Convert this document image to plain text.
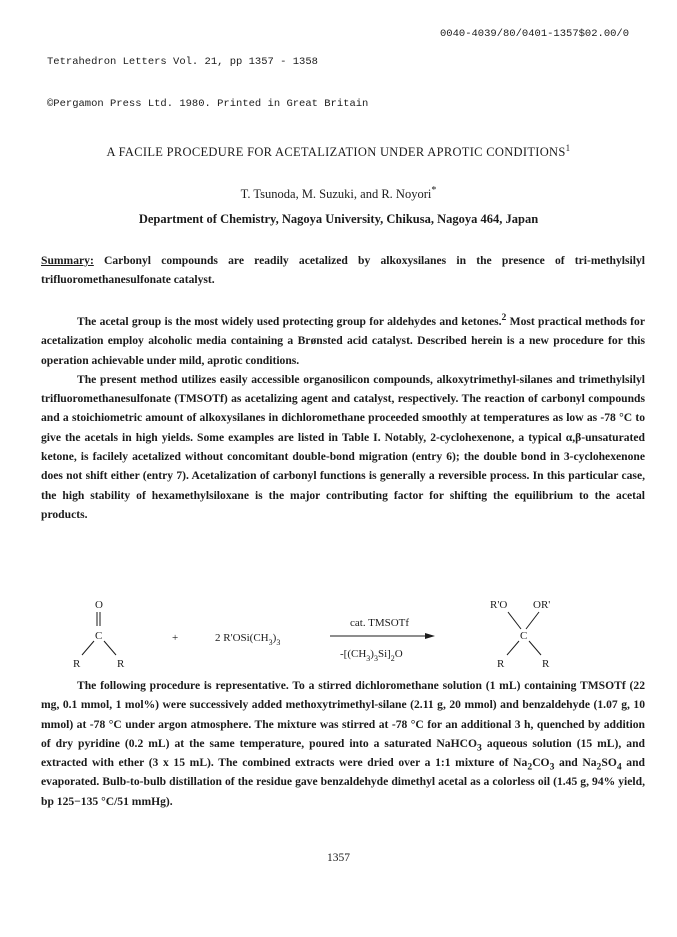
Tetrahedron Letters Vol. 21, pp 1357 - 1358

©Pergamon Press Ltd. 1980. Printed in Great Britain

0040-4039/80/0401-1357$02.00/0
A FACILE PROCEDURE FOR ACETALIZATION UNDER APROTIC CONDITIONS$^1$
T. Tsunoda, M. Suzuki, and R. Noyori*
Department of Chemistry, Nagoya University, Chikusa, Nagoya 464, Japan

Summary: Carbonyl compounds are readily acetalized by alkoxysilanes in the presence of tri-methylsilyl trifluoromethanesulfonate catalyst.

The acetal group is the most widely used protecting group for aldehydes and ketones.$^2$ Most practical methods for acetalization employ alcoholic media containing a Brønsted acid catalyst. Described herein is a new procedure for this operation achievable under mild, aprotic conditions.

The present method utilizes easily accessible organosilicon compounds, alkoxytrimethyl-silanes and trimethylsilyl trifluoromethanesulfonate (TMSOTf) as acetalizing agent and catalyst, respectively. The reaction of carbonyl compounds and a stoichiometric amount of alkoxysilanes in dichloromethane proceeded smoothly at temperatures as low as -78 °C to give the acetals in high yields. Some examples are listed in Table I. Notably, 2-cyclohexenone, a typical α,β-unsaturated ketone, is facilely acetalized without concomitant double-bond migration (entry 6); the double bond in 3-cyclohexenone does not shift either (entry 7). Acetalization of carbonyl functions is generally a reversible process. In this particular case, the high stability of hexamethylsiloxane is the major contributing factor for shifting the equilibrium to the acetal products.

O
C
R	R
+	2 $R'OSi(CH_3)_3$
cat. TMSOTf
$-[(CH_3)_3Si]_2O$
R'O OR'
C
R	R

The following procedure is representative. To a stirred dichloromethane solution (1 mL) containing TMSOTf (22 mg, 0.1 mmol, 1 mol%) were successively added methoxytrimethyl-silane (2.11 g, 20 mmol) and benzaldehyde (1.07 g, 10 mmol) at -78 °C under argon atmosphere. The mixture was stirred at -78 °C for an additional 3 h, quenched by addition of dry pyridine (0.2 mL) at the same temperature, poured into a saturated NaHCO$_3$ aqueous solution (15 mL), and extracted with ether (3 x 15 mL). The combined extracts were dried over a 1:1 mixture of $Na_2CO_3$ and $Na_2SO_4$ and evaporated. Bulb-to-bulb distillation of the residue gave benzaldehyde dimethyl acetal as a colorless oil (1.45 g, 94% yield, bp 125−135 °C/51 mmHg).

1357
